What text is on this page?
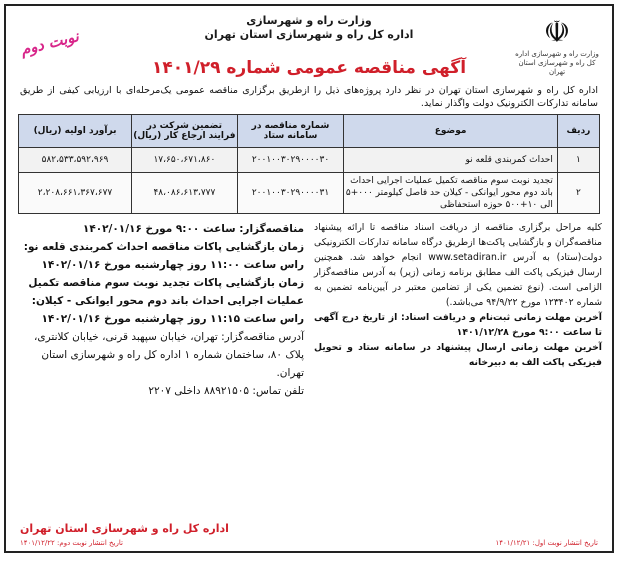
☫
وزارت راه و شهرسازی اداره کل راه و شهرسازی استان تهران
وزارت راه و شهرسازی
اداره کل راه و شهرسازی استان تهران
نوبت دوم
آگهی مناقصه عمومی شماره ۱۴۰۱/۲۹
اداره کل راه و شهرسازی استان تهران در نظر دارد پروژه‌های ذیل را ازطریق برگزاری مناقصه عمومی یک‌مرحله‌ای با ارزیابی کیفی از طریق سامانه تدارکات الکترونیک دولت واگذار نماید.
ردیف	موضوع	شماره مناقصه در سامانه ستاد	تضمین شرکت در فرایند ارجاع کار (ریال)	برآورد اولیه (ریال)
۱	احداث کمربندی قلعه نو	۲۰۰۱۰۰۳۰۲۹۰۰۰۰۳۰	۱۷،۶۵۰،۶۷۱،۸۶۰	۵۸۲،۵۳۳،۵۹۲،۹۶۹
۲	تجدید نوبت سوم مناقصه تکمیل عملیات اجرایی احداث باند دوم محور ایوانکی - کیلان حد فاصل کیلومتر ۰۰۰+۵ الی ۱۰+۵۰۰ حوزه استحفاظی	۲۰۰۱۰۰۳۰۲۹۰۰۰۰۳۱	۴۸،۰۸۶،۶۱۳،۷۷۷	۲،۲۰۸،۶۶۱،۳۶۷،۶۷۷
کلیه مراحل برگزاری مناقصه از دریافت اسناد مناقصه تا ارائه پیشنهاد مناقصه‌گران و بازگشایی پاکت‌ها ازطریق درگاه سامانه تدارکات الکترونیکی دولت(ستاد) به آدرس www.setadiran.ir انجام خواهد شد. همچنین ارسال فیزیکی پاکت الف مطابق برنامه زمانی (زیر) به آدرس مناقصه‌گزار الزامی است. (نوع تضمین یکی از تضامین معتبر در آیین‌نامه تضمین به شماره ۱۲۳۴۰۲ مورخ ۹۴/۹/۲۲ می‌باشد.)
آخرین مهلت زمانی ثبت‌نام و دریافت اسناد: از تاریخ درج آگهی تا ساعت ۹:۰۰ مورخ ۱۴۰۱/۱۲/۲۸
آخرین مهلت زمانی ارسال پیشنهاد در سامانه ستاد و تحویل فیزیکی پاکت الف به دبیرخانه
مناقصه‌گزار: ساعت ۹:۰۰ مورخ ۱۴۰۲/۰۱/۱۶
زمان بازگشایی پاکات مناقصه احداث کمربندی قلعه نو: راس ساعت ۱۱:۰۰ روز چهارشنبه مورخ ۱۴۰۲/۰۱/۱۶
زمان بازگشایی پاکات تجدید نوبت سوم مناقصه تکمیل عملیات اجرایی احداث باند دوم محور ایوانکی - کیلان: راس ساعت ۱۱:۱۵ روز چهارشنبه مورخ ۱۴۰۲/۰۱/۱۶
آدرس مناقصه‌گزار: تهران، خیابان سپهبد قرنی، خیابان کلانتری، پلاک ۸۰، ساختمان شماره ۱ اداره کل راه و شهرسازی استان تهران.
تلفن تماس: ۸۸۹۲۱۵۰۵ داخلی ۲۲۰۷
اداره کل راه و شهرسازی استان تهران
تاریخ انتشار نوبت اول: ۱۴۰۱/۱۲/۲۱
تاریخ انتشار نوبت دوم: ۱۴۰۱/۱۲/۲۲
